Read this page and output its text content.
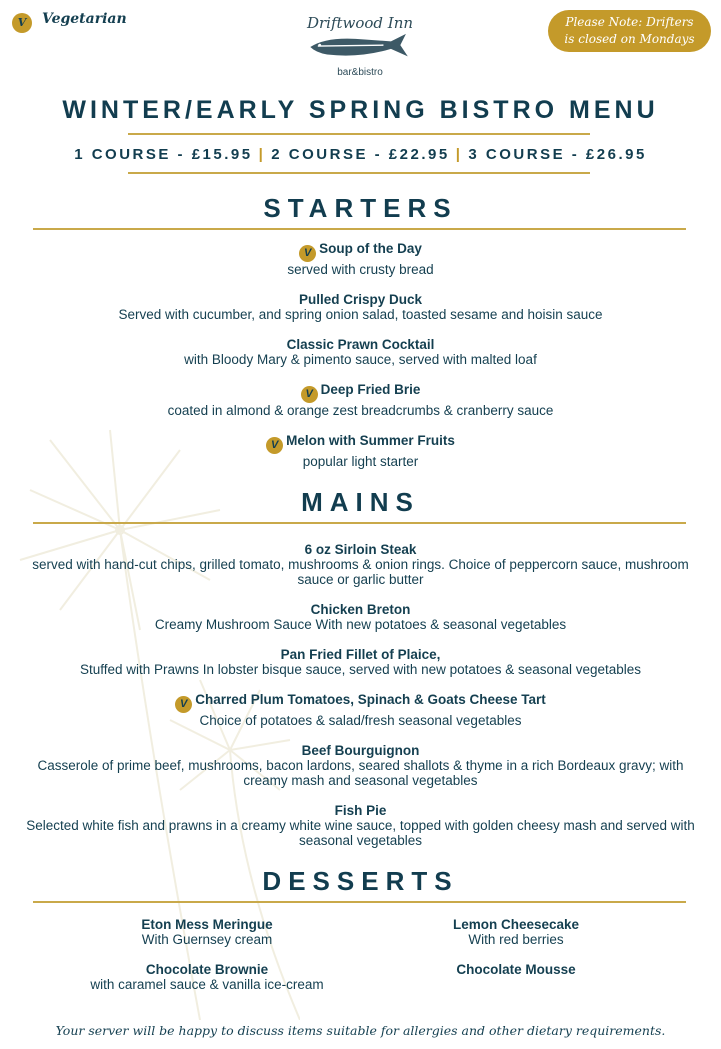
V Vegetarian	Please Note: Drifters
is closed on Mondays
Driftwood Inn
bar&bistro
WINTER/EARLY SPRING BISTRO MENU
1 COURSE - £15.95 | 2 COURSE - £22.95 | 3 COURSE - £26.95
STARTERS
V Soup of the Day
served with crusty bread
Pulled Crispy Duck
Served with cucumber, and spring onion salad, toasted sesame and hoisin sauce
Classic Prawn Cocktail
with Bloody Mary & pimento sauce, served with malted loaf
V Deep Fried Brie
coated in almond & orange zest breadcrumbs & cranberry sauce
V Melon with Summer Fruits
popular light starter
MAINS
6 oz Sirloin Steak
served with hand-cut chips, grilled tomato, mushrooms & onion rings. Choice of peppercorn sauce, mushroom sauce or garlic butter
Chicken Breton
Creamy Mushroom Sauce With new potatoes & seasonal vegetables
Pan Fried Fillet of Plaice,
Stuffed with Prawns In lobster bisque sauce, served with new potatoes & seasonal vegetables
V Charred Plum Tomatoes, Spinach & Goats Cheese Tart
Choice of potatoes & salad/fresh seasonal vegetables
Beef Bourguignon
Casserole of prime beef, mushrooms, bacon lardons, seared shallots & thyme in a rich Bordeaux gravy; with creamy mash and seasonal vegetables
Fish Pie
Selected white fish and prawns in a creamy white wine sauce, topped with golden cheesy mash and served with seasonal vegetables
DESSERTS
Eton Mess Meringue
With Guernsey cream
Chocolate Brownie
with caramel sauce & vanilla ice-cream
Lemon Cheesecake
With red berries
Chocolate Mousse
Your server will be happy to discuss items suitable for allergies and other dietary requirements.
